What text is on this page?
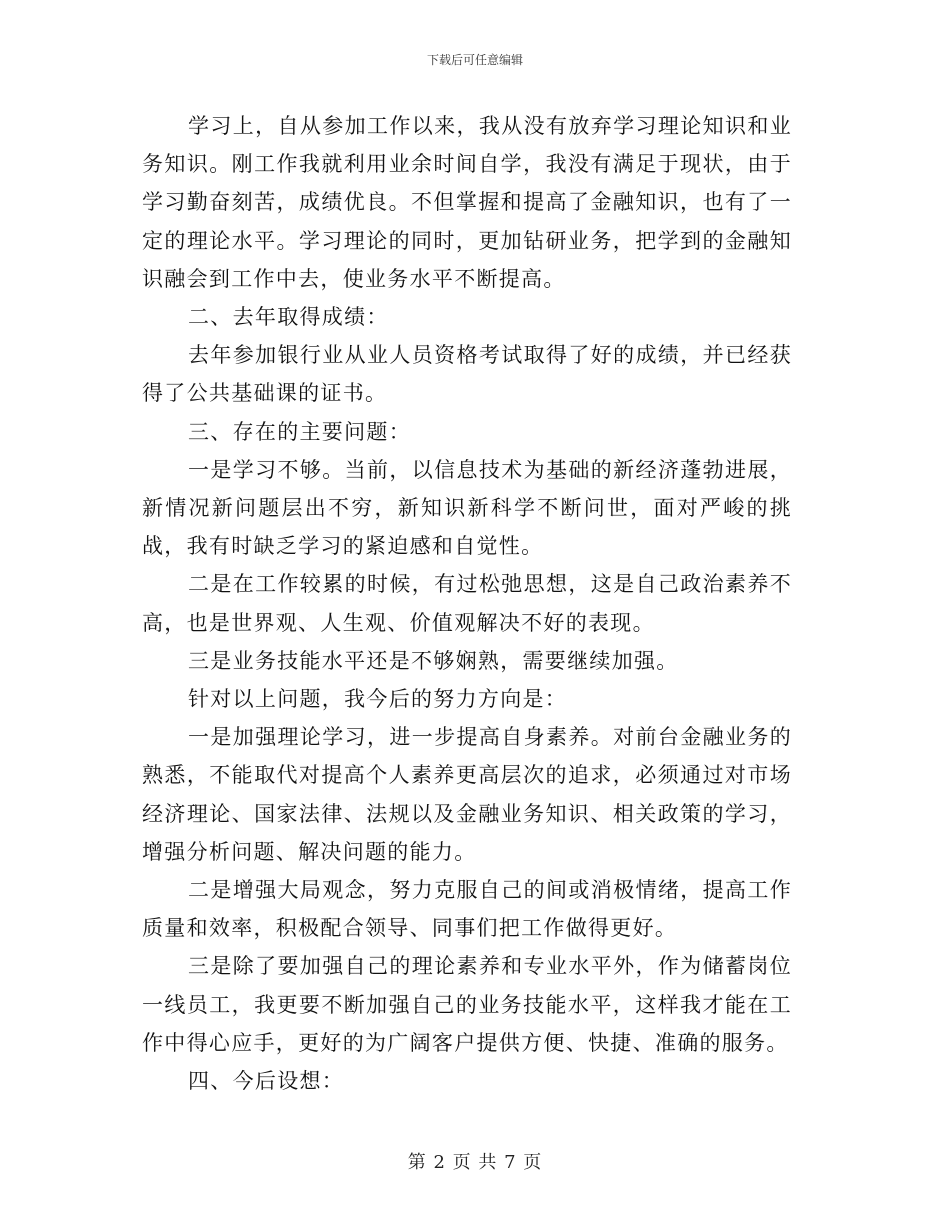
下载后可任意编辑

学习上，自从参加工作以来，我从没有放弃学习理论知识和业务知识。刚工作我就利用业余时间自学，我没有满足于现状，由于学习勤奋刻苦，成绩优良。不但掌握和提高了金融知识，也有了一定的理论水平。学习理论的同时，更加钻研业务，把学到的金融知识融会到工作中去，使业务水平不断提高。

二、去年取得成绩：

去年参加银行业从业人员资格考试取得了好的成绩，并已经获得了公共基础课的证书。

三、存在的主要问题：

一是学习不够。当前，以信息技术为基础的新经济蓬勃进展，新情况新问题层出不穷，新知识新科学不断问世，面对严峻的挑战，我有时缺乏学习的紧迫感和自觉性。

二是在工作较累的时候，有过松弛思想，这是自己政治素养不高，也是世界观、人生观、价值观解决不好的表现。

三是业务技能水平还是不够娴熟，需要继续加强。

针对以上问题，我今后的努力方向是：

一是加强理论学习，进一步提高自身素养。对前台金融业务的熟悉，不能取代对提高个人素养更高层次的追求，必须通过对市场经济理论、国家法律、法规以及金融业务知识、相关政策的学习，增强分析问题、解决问题的能力。

二是增强大局观念，努力克服自己的间或消极情绪，提高工作质量和效率，积极配合领导、同事们把工作做得更好。

三是除了要加强自己的理论素养和专业水平外，作为储蓄岗位一线员工，我更要不断加强自己的业务技能水平，这样我才能在工作中得心应手，更好的为广阔客户提供方便、快捷、准确的服务。

四、今后设想：

第 2 页 共 7 页
